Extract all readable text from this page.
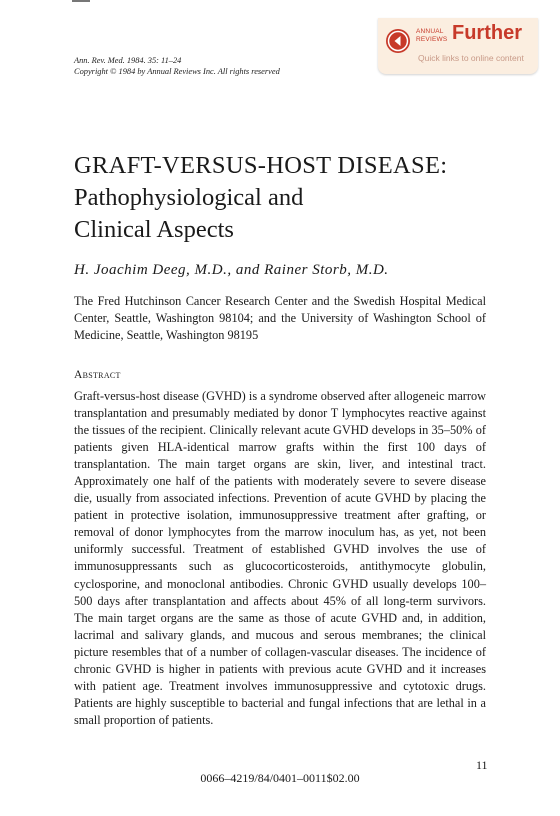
Ann. Rev. Med. 1984. 35: 11–24
Copyright © 1984 by Annual Reviews Inc. All rights reserved
ANNUAL
REVIEWS Further
Quick links to online content
GRAFT-VERSUS-HOST DISEASE:
Pathophysiological and
Clinical Aspects
H. Joachim Deeg, M.D., and Rainer Storb, M.D.
The Fred Hutchinson Cancer Research Center and the Swedish Hospital Medical Center, Seattle, Washington 98104; and the University of Washington School of Medicine, Seattle, Washington 98195
Abstract
Graft-versus-host disease (GVHD) is a syndrome observed after allogeneic marrow transplantation and presumably mediated by donor T lymphocytes reactive against the tissues of the recipient. Clinically relevant acute GVHD develops in 35–50% of patients given HLA-identical marrow grafts within the first 100 days of transplantation. The main target organs are skin, liver, and intestinal tract. Approximately one half of the patients with moderately severe to severe disease die, usually from associated infections. Prevention of acute GVHD by placing the patient in protective isolation, immunosuppressive treatment after grafting, or removal of donor lymphocytes from the marrow inoculum has, as yet, not been uniformly successful. Treatment of established GVHD involves the use of immunosuppressants such as glucocorticosteroids, antithymocyte globulin, cyclosporine, and monoclonal antibodies. Chronic GVHD usually develops 100–500 days after transplantation and affects about 45% of all long-term survivors. The main target organs are the same as those of acute GVHD and, in addition, lacrimal and salivary glands, and mucous and serous membranes; the clinical picture resembles that of a number of collagen-vascular diseases. The incidence of chronic GVHD is higher in patients with previous acute GVHD and it increases with patient age. Treatment involves immunosuppressive and cytotoxic drugs. Patients are highly susceptible to bacterial and fungal infections that are lethal in a small proportion of patients.
11
0066–4219/84/0401–0011$02.00
